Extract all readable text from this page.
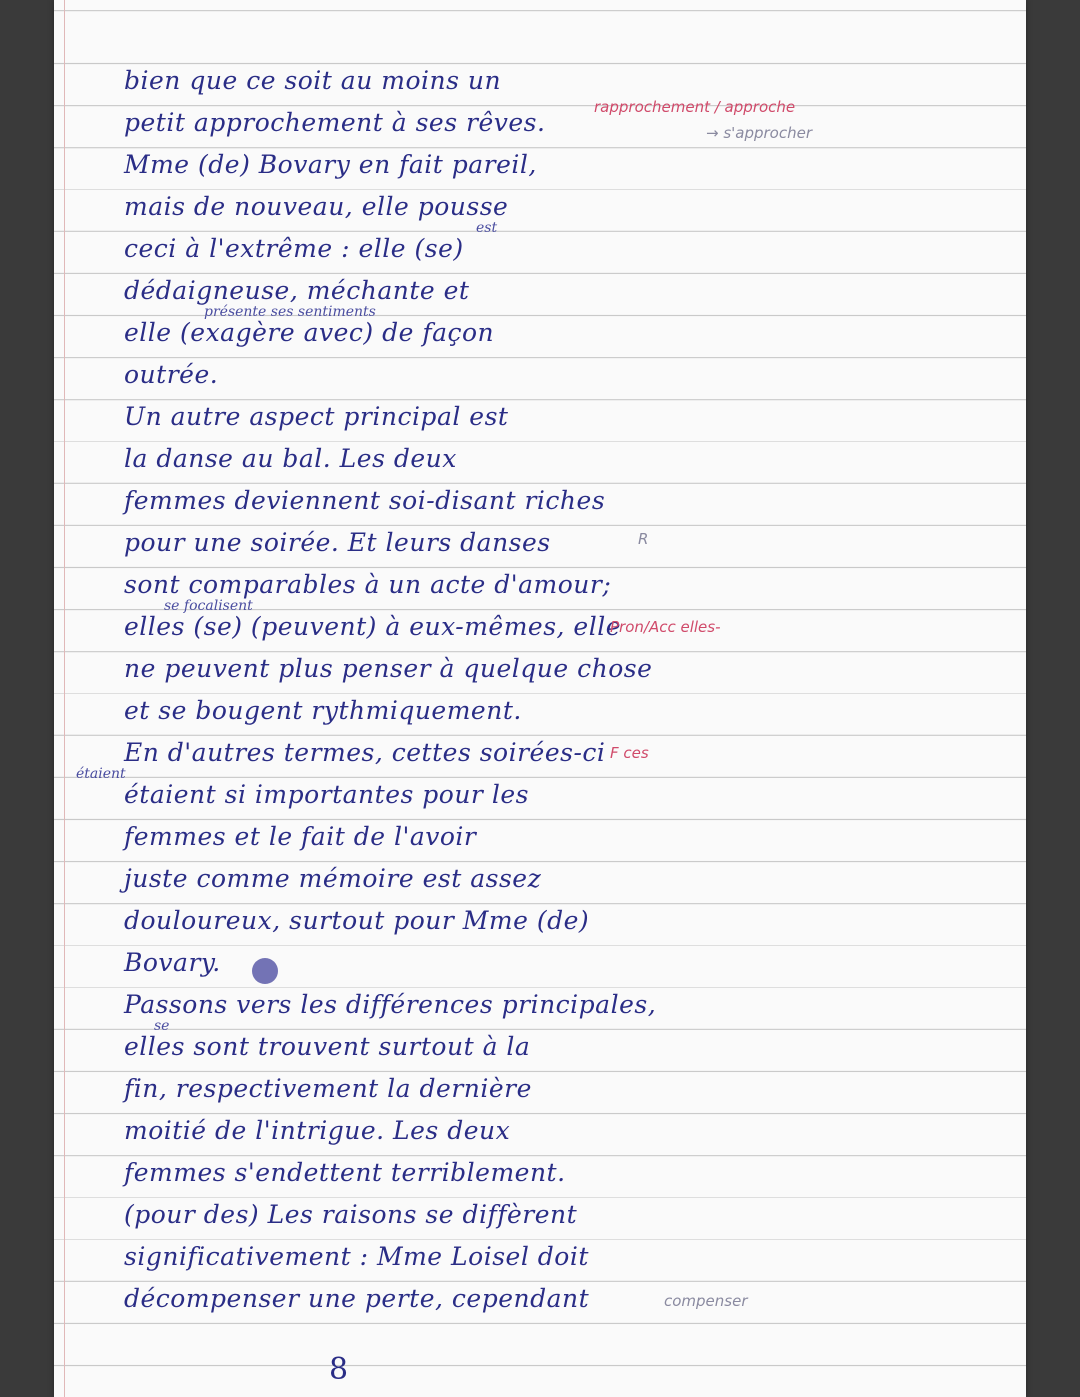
bien que ce soit au moins un
petit approchement à ses rêves.
Mme (de) Bovary en fait pareil,
mais de nouveau, elle pousse
est
ceci à l'extrême : elle (se)
dédaigneuse, méchante et
présente ses sentiments
elle (exagère avec) de façon
outrée.
Un autre aspect principal est
la danse au bal. Les deux
femmes deviennent soi-disant riches
pour une soirée. Et leurs danses
sont comparables à un acte d'amour;
se focalisent
elles (se) (peuvent) à eux-mêmes, elle
ne peuvent plus penser à quelque chose
et se bougent rythmiquement.
En d'autres termes, cettes soirées-ci
étaient
étaient si importantes pour les
femmes et le fait de l'avoir
juste comme mémoire est assez
douloureux, surtout pour Mme (de)
Bovary.
Passons vers les différences principales,
se
elles sont trouvent surtout à la
fin, respectivement la dernière
moitié de l'intrigue. Les deux
femmes s'endettent terriblement.
(pour des) Les raisons se diffèrent
significativement : Mme Loisel doit
décompenser une perte, cependant
rapprochement / approche
→ s'approcher
R
Pron/Acc elles-
F ces
compenser
8
